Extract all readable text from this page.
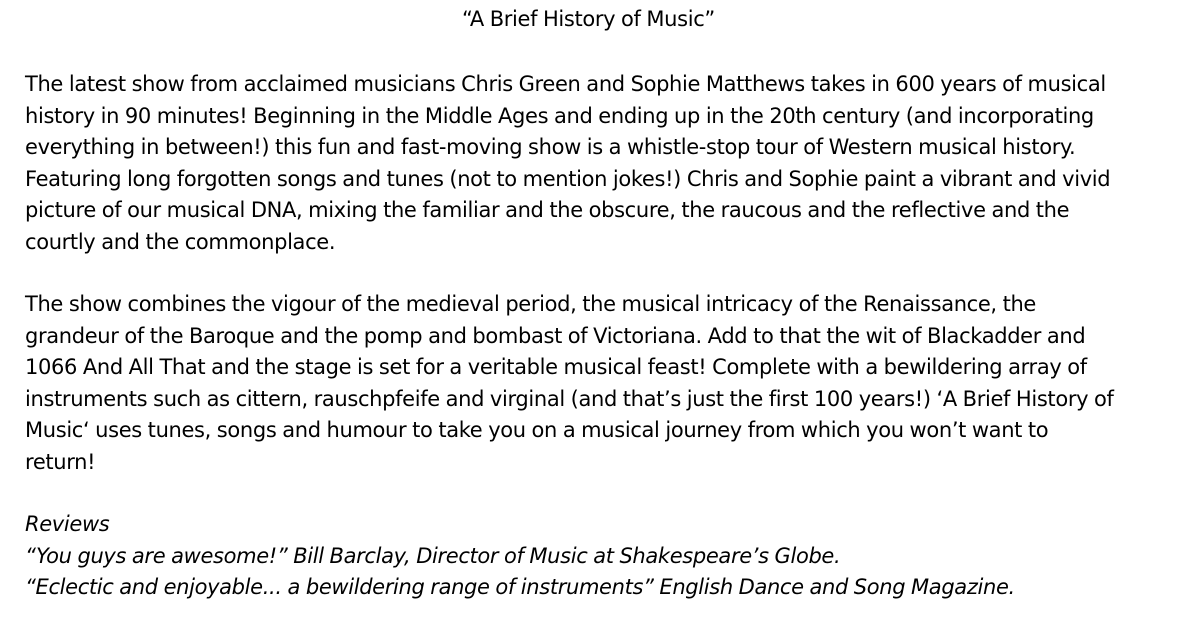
“A Brief History of Music”

The latest show from acclaimed musicians Chris Green and Sophie Matthews takes in 600 years of musical
history in 90 minutes! Beginning in the Middle Ages and ending up in the 20th century (and incorporating
everything in between!) this fun and fast-moving show is a whistle-stop tour of Western musical history.
Featuring long forgotten songs and tunes (not to mention jokes!) Chris and Sophie paint a vibrant and vivid
picture of our musical DNA, mixing the familiar and the obscure, the raucous and the reflective and the
courtly and the commonplace.

The show combines the vigour of the medieval period, the musical intricacy of the Renaissance, the
grandeur of the Baroque and the pomp and bombast of Victoriana. Add to that the wit of Blackadder and
1066 And All That and the stage is set for a veritable musical feast! Complete with a bewildering array of
instruments such as cittern, rauschpfeife and virginal (and that’s just the first 100 years!) ‘A Brief History of
Music‘ uses tunes, songs and humour to take you on a musical journey from which you won’t want to
return!

Reviews
“You guys are awesome!” Bill Barclay, Director of Music at Shakespeare’s Globe.
“Eclectic and enjoyable... a bewildering range of instruments” English Dance and Song Magazine.
